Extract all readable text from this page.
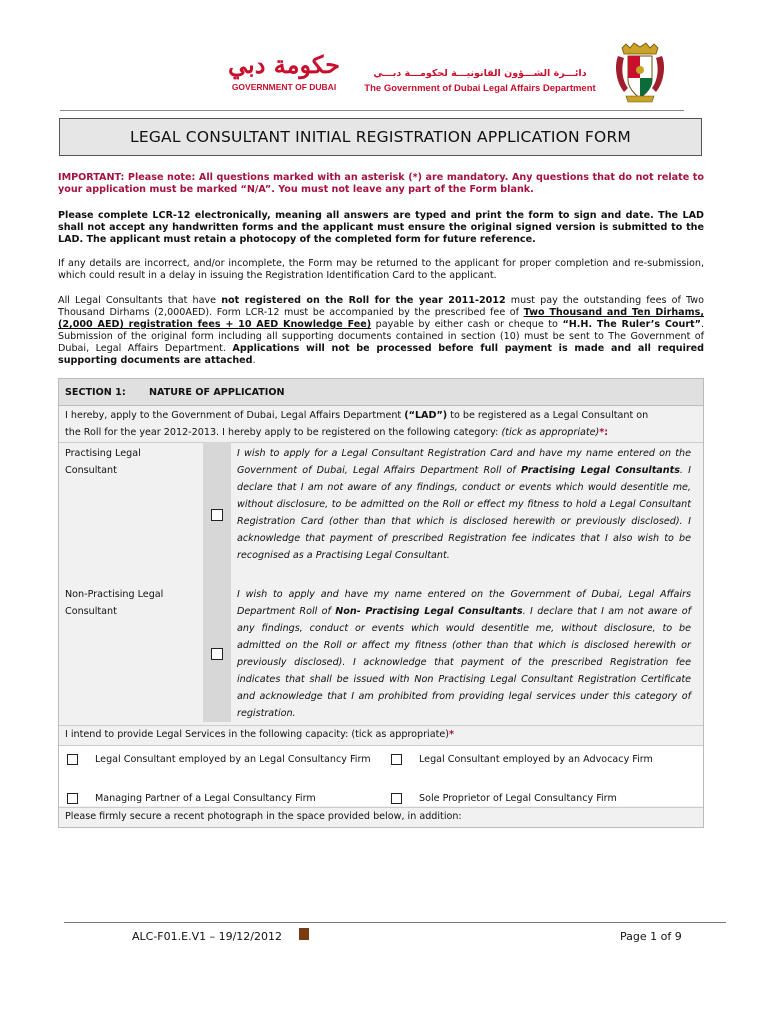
حكومة دبي
GOVERNMENT OF DUBAI
دائـــرة الشـــؤون القانونيـــة لحكومـــة دبـــي
The Government of Dubai Legal Affairs Department
LEGAL CONSULTANT INITIAL REGISTRATION APPLICATION FORM
IMPORTANT: Please note: All questions marked with an asterisk (*) are mandatory. Any questions that do not relate to your application must be marked “N/A”. You must not leave any part of the Form blank.
Please complete LCR-12 electronically, meaning all answers are typed and print the form to sign and date. The LAD shall not accept any handwritten forms and the applicant must ensure the original signed version is submitted to the LAD. The applicant must retain a photocopy of the completed form for future reference.
If any details are incorrect, and/or incomplete, the Form may be returned to the applicant for proper completion and re-submission, which could result in a delay in issuing the Registration Identification Card to the applicant.
All Legal Consultants that have not registered on the Roll for the year 2011-2012 must pay the outstanding fees of Two Thousand Dirhams (2,000AED). Form LCR-12 must be accompanied by the prescribed fee of Two Thousand and Ten Dirhams, (2,000 AED) registration fees + 10 AED Knowledge Fee) payable by either cash or cheque to “H.H. The Ruler’s Court”. Submission of the original form including all supporting documents contained in section (10) must be sent to The Government of Dubai, Legal Affairs Department. Applications will not be processed before full payment is made and all required supporting documents are attached.
SECTION 1: NATURE OF APPLICATION
I hereby, apply to the Government of Dubai, Legal Affairs Department (“LAD”) to be registered as a Legal Consultant on
the Roll for the year 2012-2013. I hereby apply to be registered on the following category: (tick as appropriate)*:
Practising Legal Consultant
I wish to apply for a Legal Consultant Registration Card and have my name entered on the Government of Dubai, Legal Affairs Department Roll of Practising Legal Consultants. I declare that I am not aware of any findings, conduct or events which would desentitle me, without disclosure, to be admitted on the Roll or effect my fitness to hold a Legal Consultant Registration Card (other than that which is disclosed herewith or previously disclosed). I acknowledge that payment of prescribed Registration fee indicates that I also wish to be recognised as a Practising Legal Consultant.
Non-Practising Legal Consultant
I wish to apply and have my name entered on the Government of Dubai, Legal Affairs Department Roll of Non- Practising Legal Consultants. I declare that I am not aware of any findings, conduct or events which would desentitle me, without disclosure, to be admitted on the Roll or affect my fitness (other than that which is disclosed herewith or previously disclosed). I acknowledge that payment of the prescribed Registration fee indicates that shall be issued with Non Practising Legal Consultant Registration Certificate and acknowledge that I am prohibited from providing legal services under this category of registration.
I intend to provide Legal Services in the following capacity: (tick as appropriate)*
Legal Consultant employed by an Legal Consultancy Firm	Legal Consultant employed by an Advocacy Firm
Managing Partner of a Legal Consultancy Firm	Sole Proprietor of Legal Consultancy Firm
Please firmly secure a recent photograph in the space provided below, in addition:
ALC-F01.E.V1 – 19/12/2012	Page 1 of 9
